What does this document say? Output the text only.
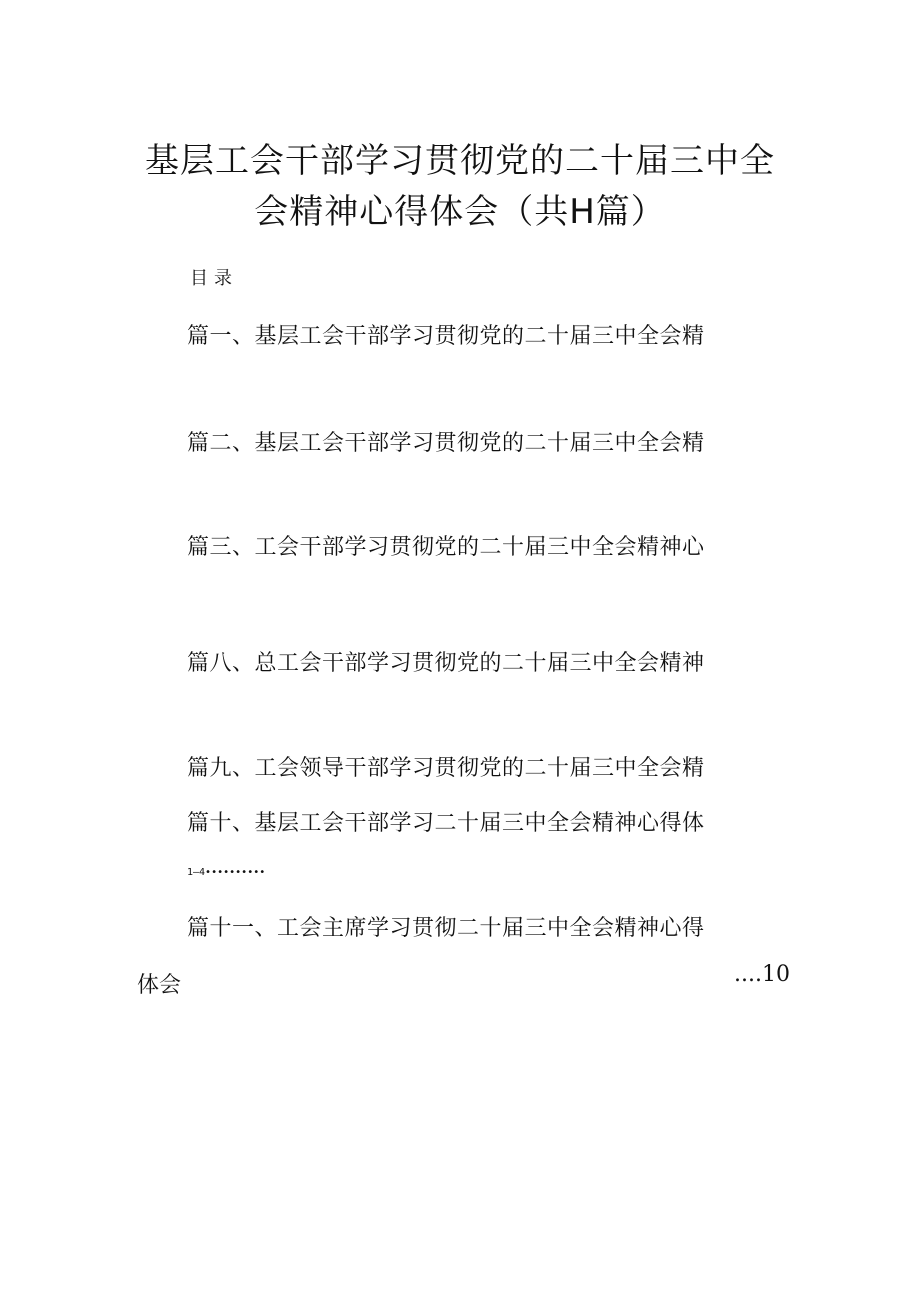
基层工会干部学习贯彻党的二十届三中全
会精神心得体会（共H篇）
目录
篇一、基层工会干部学习贯彻党的二十届三中全会精
篇二、基层工会干部学习贯彻党的二十届三中全会精
篇三、工会干部学习贯彻党的二十届三中全会精神心
篇八、总工会干部学习贯彻党的二十届三中全会精神
篇九、工会领导干部学习贯彻党的二十届三中全会精
篇十、基层工会干部学习二十届三中全会精神心得体
1—4••••••••••
篇十一、工会主席学习贯彻二十届三中全会精神心得
体会	....10
